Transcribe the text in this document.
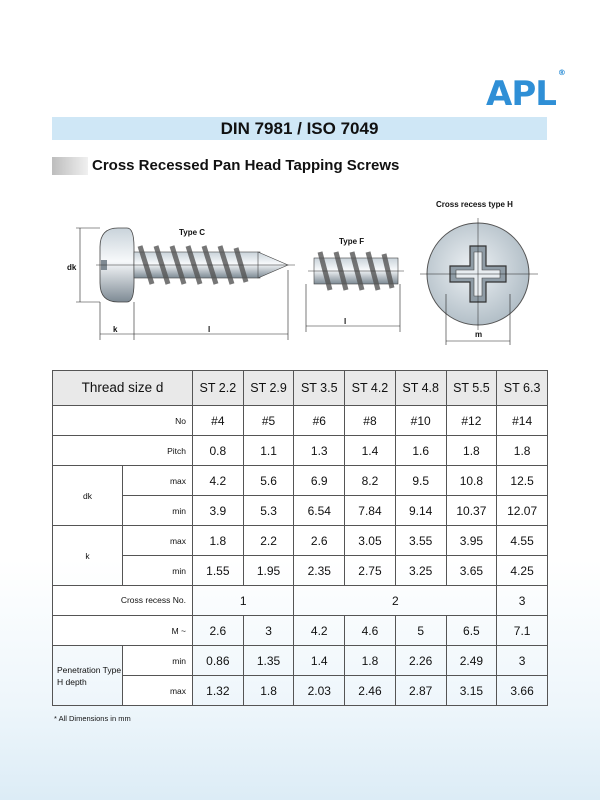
APL®
DIN 7981 / ISO 7049
Cross Recessed Pan Head Tapping Screws
Type C
dk
k	l
Type F
l
Cross recess type H
m
Thread size d		ST 2.2	ST 2.9	ST 3.5	ST 4.2	ST 4.8	ST 5.5	ST 6.3
No		#4	#5	#6	#8	#10	#12	#14
Pitch		0.8	1.1	1.3	1.4	1.6	1.8	1.8
dk	max	4.2	5.6	6.9	8.2	9.5	10.8	12.5
	min	3.9	5.3	6.54	7.84	9.14	10.37	12.07
k	max	1.8	2.2	2.6	3.05	3.55	3.95	4.55
	min	1.55	1.95	2.35	2.75	3.25	3.65	4.25
Cross recess No.		1		2				3
M ~		2.6	3	4.2	4.6	5	6.5	7.1
Penetration Type H depth	min	0.86	1.35	1.4	1.8	2.26	2.49	3
	max	1.32	1.8	2.03	2.46	2.87	3.15	3.66
* All Dimensions in mm
